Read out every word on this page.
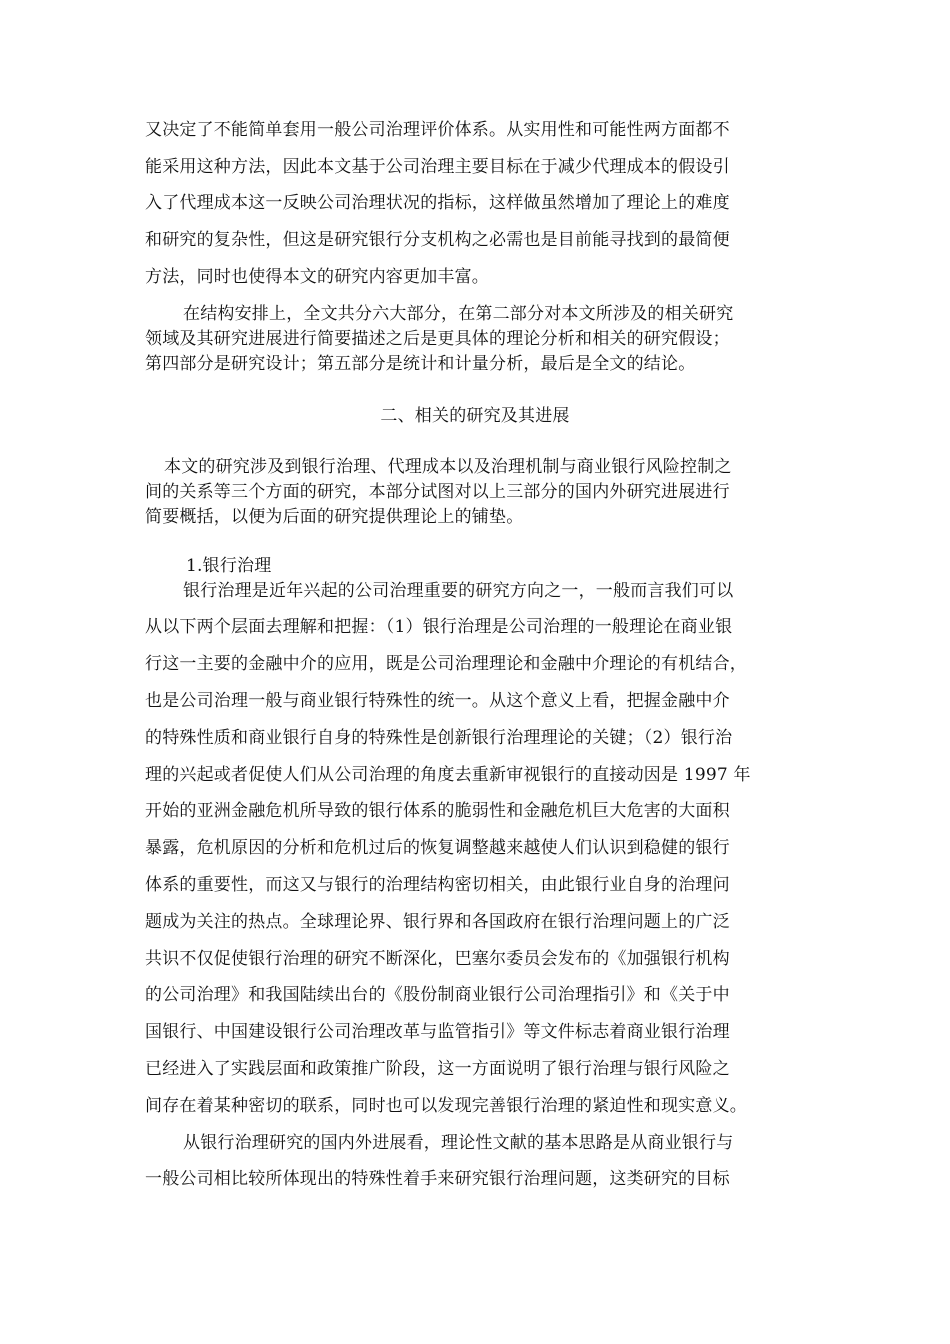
又决定了不能简单套用一般公司治理评价体系。从实用性和可能性两方面都不
能采用这种方法，因此本文基于公司治理主要目标在于减少代理成本的假设引
入了代理成本这一反映公司治理状况的指标，这样做虽然增加了理论上的难度
和研究的复杂性，但这是研究银行分支机构之必需也是目前能寻找到的最简便
方法，同时也使得本文的研究内容更加丰富。
在结构安排上，全文共分六大部分，在第二部分对本文所涉及的相关研究
领域及其研究进展进行简要描述之后是更具体的理论分析和相关的研究假设；
第四部分是研究设计；第五部分是统计和计量分析，最后是全文的结论。
二、相关的研究及其进展
本文的研究涉及到银行治理、代理成本以及治理机制与商业银行风险控制之
间的关系等三个方面的研究，本部分试图对以上三部分的国内外研究进展进行
简要概括，以便为后面的研究提供理论上的铺垫。
1.银行治理
银行治理是近年兴起的公司治理重要的研究方向之一，一般而言我们可以
从以下两个层面去理解和把握：（1）银行治理是公司治理的一般理论在商业银
行这一主要的金融中介的应用，既是公司治理理论和金融中介理论的有机结合，
也是公司治理一般与商业银行特殊性的统一。从这个意义上看，把握金融中介
的特殊性质和商业银行自身的特殊性是创新银行治理理论的关键；（2）银行治
理的兴起或者促使人们从公司治理的角度去重新审视银行的直接动因是 1997 年
开始的亚洲金融危机所导致的银行体系的脆弱性和金融危机巨大危害的大面积
暴露，危机原因的分析和危机过后的恢复调整越来越使人们认识到稳健的银行
体系的重要性，而这又与银行的治理结构密切相关，由此银行业自身的治理问
题成为关注的热点。全球理论界、银行界和各国政府在银行治理问题上的广泛
共识不仅促使银行治理的研究不断深化，巴塞尔委员会发布的《加强银行机构
的公司治理》和我国陆续出台的《股份制商业银行公司治理指引》和《关于中
国银行、中国建设银行公司治理改革与监管指引》等文件标志着商业银行治理
已经进入了实践层面和政策推广阶段，这一方面说明了银行治理与银行风险之
间存在着某种密切的联系，同时也可以发现完善银行治理的紧迫性和现实意义。
从银行治理研究的国内外进展看，理论性文献的基本思路是从商业银行与
一般公司相比较所体现出的特殊性着手来研究银行治理问题，这类研究的目标
